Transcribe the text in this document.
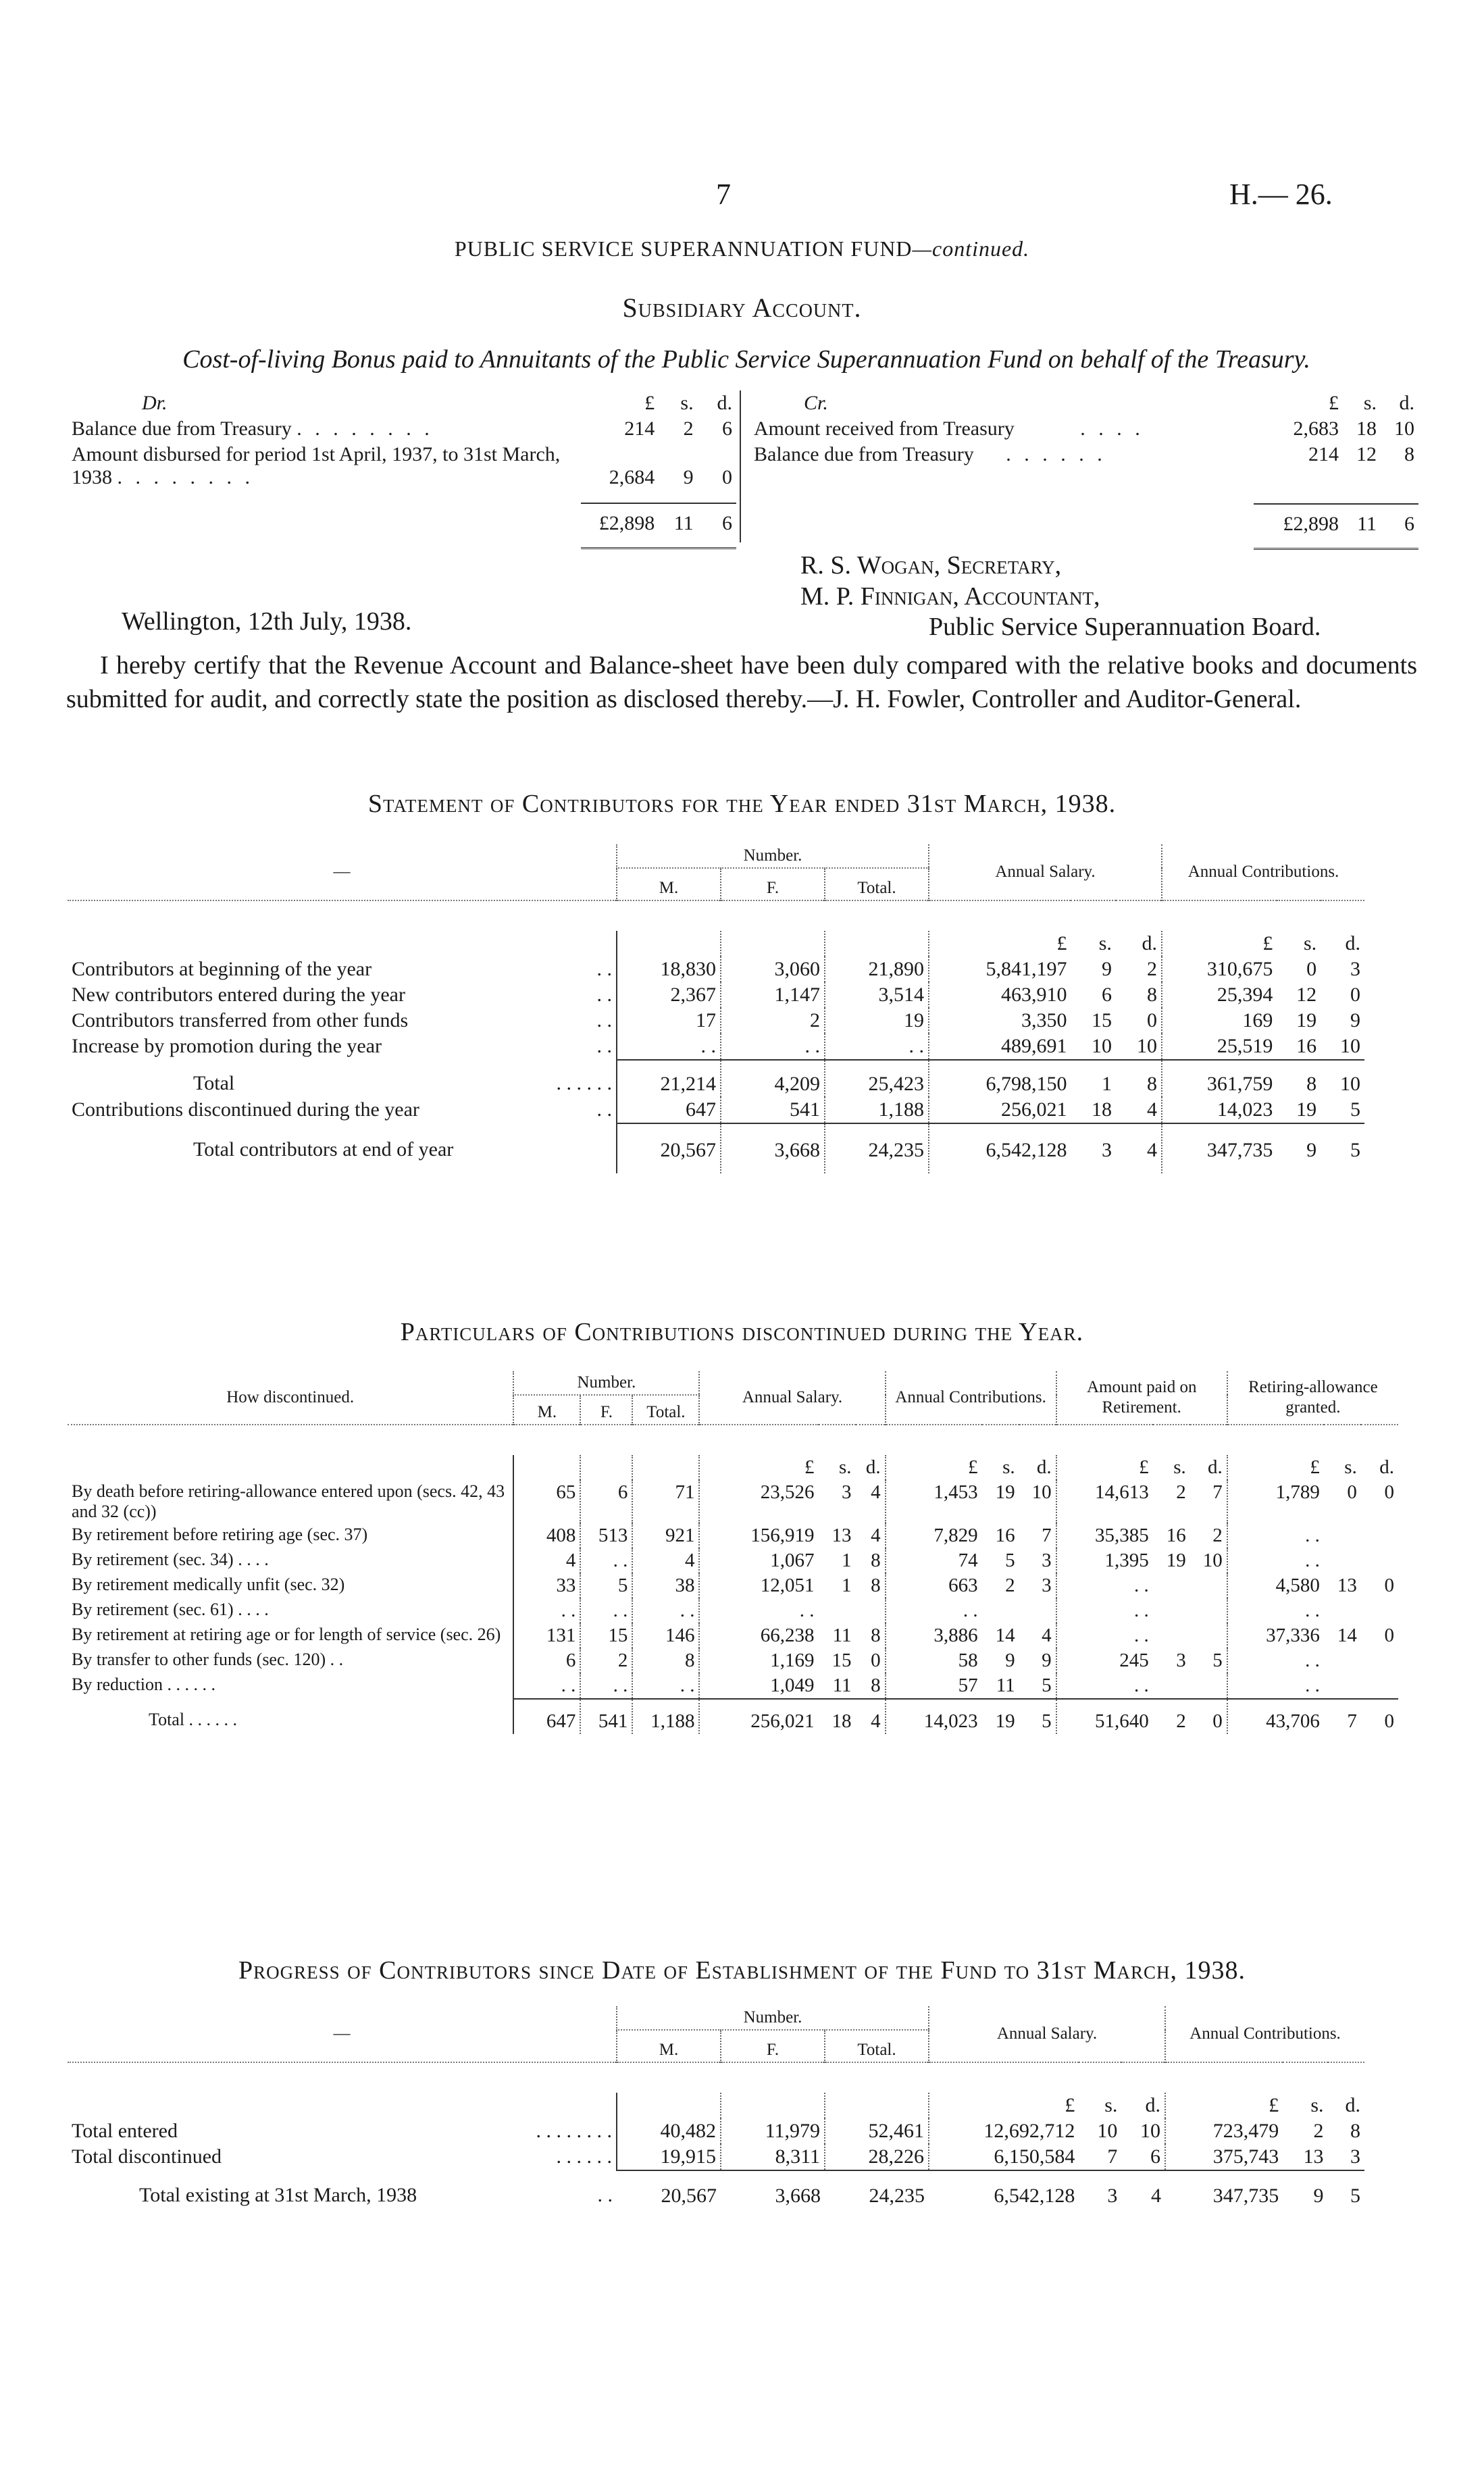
7	H.— 26.
PUBLIC SERVICE SUPERANNUATION FUND—continued.
Subsidiary Account.
Cost-of-living Bonus paid to Annuitants of the Public Service Superannuation Fund on behalf of the Treasury.
Dr.	£	s.	d.
Balance due from Treasury . . . . . . . .	214	2	6
Amount disbursed for period 1st April, 1937, to 31st March, 1938 . . . . . . . .	2,684	9	0

	£2,898	11	6

Cr.	£	s.	d.
Amount received from Treasury . . . .	2,683	18	10
Balance due from Treasury . . . . . .	214	12	8

	£2,898	11	6

R. S. Wogan, Secretary,
M. P. Finnigan, Accountant,
Public Service Superannuation Board.
Wellington, 12th July, 1938.
I hereby certify that the Revenue Account and Balance-sheet have been duly compared with the relative books and documents submitted for audit, and correctly state the position as disclosed thereby.—J. H. Fowler, Controller and Auditor-General.
Statement of Contributors for the Year ended 31st March, 1938.
—	Number.			Annual Salary.			Annual Contributions.		
	M.	F.	Total.						

				£	s.	d.	£	s.	d.
Contributors at beginning of the year . .	18,830	3,060	21,890	5,841,197	9	2	310,675	0	3
New contributors entered during the year . .	2,367	1,147	3,514	463,910	6	8	25,394	12	0
Contributors transferred from other funds . .	17	2	19	3,350	15	0	169	19	9
Increase by promotion during the year . .	. .	. .	. .	489,691	10	10	25,519	16	10
Total . . . . . .	21,214	4,209	25,423	6,798,150	1	8	361,759	8	10
Contributions discontinued during the year . .	647	541	1,188	256,021	18	4	14,023	19	5
Total contributors at end of year	20,567	3,668	24,235	6,542,128	3	4	347,735	9	5
Particulars of Contributions discontinued during the Year.
How discontinued.	Number.			Annual Salary.			Annual Contributions.			Amount paid on Retirement.			Retiring-allowance granted.		
	M.	F.	Total.												

				£	s.	d.	£	s.	d.	£	s.	d.	£	s.	d.
By death before retiring-allowance entered upon (secs. 42, 43 and 32 (cc))	65	6	71	23,526	3	4	1,453	19	10	14,613	2	7	1,789	0	0
By retirement before retiring age (sec. 37)	408	513	921	156,919	13	4	7,829	16	7	35,385	16	2	. .		
By retirement (sec. 34) . . . .	4	. .	4	1,067	1	8	74	5	3	1,395	19	10	. .		
By retirement medically unfit (sec. 32)	33	5	38	12,051	1	8	663	2	3	. .			4,580	13	0
By retirement (sec. 61) . . . .	. .	. .	. .	. .			. .			. .			. .		
By retirement at retiring age or for length of service (sec. 26)	131	15	146	66,238	11	8	3,886	14	4	. .			37,336	14	0
By transfer to other funds (sec. 120) . .	6	2	8	1,169	15	0	58	9	9	245	3	5	. .		
By reduction . . . . . .	. .	. .	. .	1,049	11	8	57	11	5	. .			. .		
Total . . . . . .	647	541	1,188	256,021	18	4	14,023	19	5	51,640	2	0	43,706	7	0
Progress of Contributors since Date of Establishment of the Fund to 31st March, 1938.
—	Number.			Annual Salary.			Annual Contributions.		
	M.	F.	Total.						

				£	s.	d.	£	s.	d.
Total entered . . . . . . . .	40,482	11,979	52,461	12,692,712	10	10	723,479	2	8
Total discontinued . . . . . .	19,915	8,311	28,226	6,150,584	7	6	375,743	13	3
Total existing at 31st March, 1938 . .	20,567	3,668	24,235	6,542,128	3	4	347,735	9	5
